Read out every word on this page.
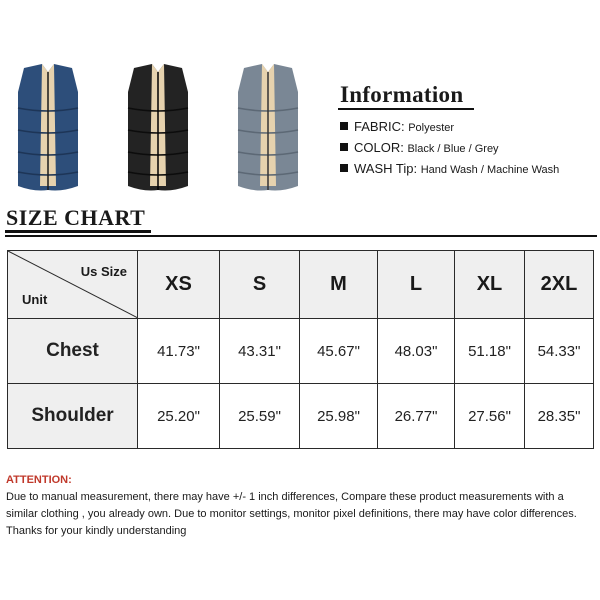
Information
FABRIC: Polyester
COLOR: Black / Blue / Grey
WASH Tip: Hand Wash / Machine Wash
SIZE CHART
Us Size
Unit	XS	S	M	L	XL	2XL
Chest	41.73"	43.31"	45.67"	48.03"	51.18"	54.33"
Shoulder	25.20"	25.59"	25.98"	26.77"	27.56"	28.35"
ATTENTION:
Due to manual measurement, there may have +/- 1 inch differences, Compare these product measurements with a similar clothing , you already own. Due to monitor settings, monitor pixel definitions, there may have color differences. Thanks for your kindly understanding
